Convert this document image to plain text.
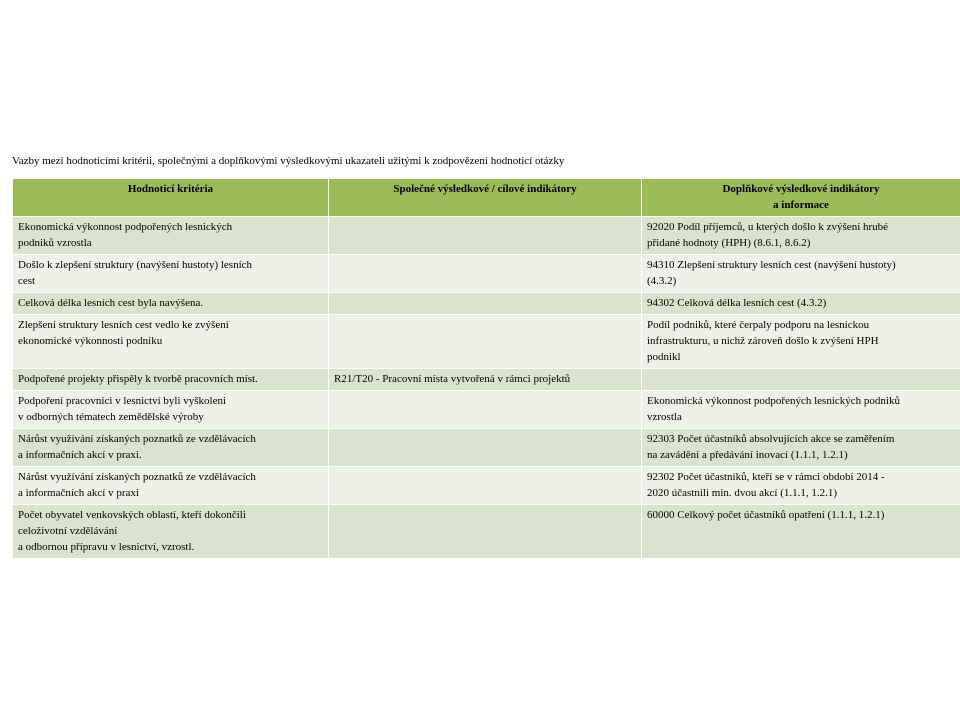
Vazby mezi hodnoticími kritérii, společnými a doplňkovými výsledkovými ukazateli užitými k zodpovězení hodnoticí otázky
Hodnoticí kritéria	Společné výsledkové / cílové indikátory	Doplňkové výsledkové indikátory
a informace

Ekonomická výkonnost podpořených lesnických
podniků vzrostla		92020 Podíl příjemců, u kterých došlo k zvýšení hrubé
přidané hodnoty (HPH) (8.6.1, 8.6.2)

Došlo k zlepšení struktury (navýšení hustoty) lesních
cest		94310 Zlepšení struktury lesních cest (navýšení hustoty)
(4.3.2)

Celková délka lesních cest byla navýšena.		94302 Celková délka lesních cest (4.3.2)

Zlepšení struktury lesních cest vedlo ke zvýšení
ekonomické výkonnosti podniku		Podíl podniků, které čerpaly podporu na lesnickou
infrastrukturu, u nichž zároveň došlo k zvýšení HPH
podnikl

Podpořené projekty přispěly k tvorbě pracovních míst.	R21/T20 - Pracovní místa vytvořená v rámci projektů	

Podpoření pracovníci v lesnictví byli vyškoleni
v odborných tématech zemědělské výroby		Ekonomická výkonnost podpořených lesnických podniků
vzrostla

Nárůst využívání získaných poznatků ze vzdělávacích
a informačních akcí v praxi.		92303 Počet účastníků absolvujících akce se zaměřením
na zavádění a předávání inovací (1.1.1, 1.2.1)

Nárůst využívání získaných poznatků ze vzdělávacích
a informačních akcí v praxi		92302 Počet účastníků, kteří se v rámci období 2014 -
2020 účastnili min. dvou akcí (1.1.1, 1.2.1)

Počet obyvatel venkovských oblastí, kteří dokončili
celoživotní vzdělávání
a odbornou přípravu v lesnictví, vzrostl.		60000 Celkový počet účastníků opatření (1.1.1, 1.2.1)
